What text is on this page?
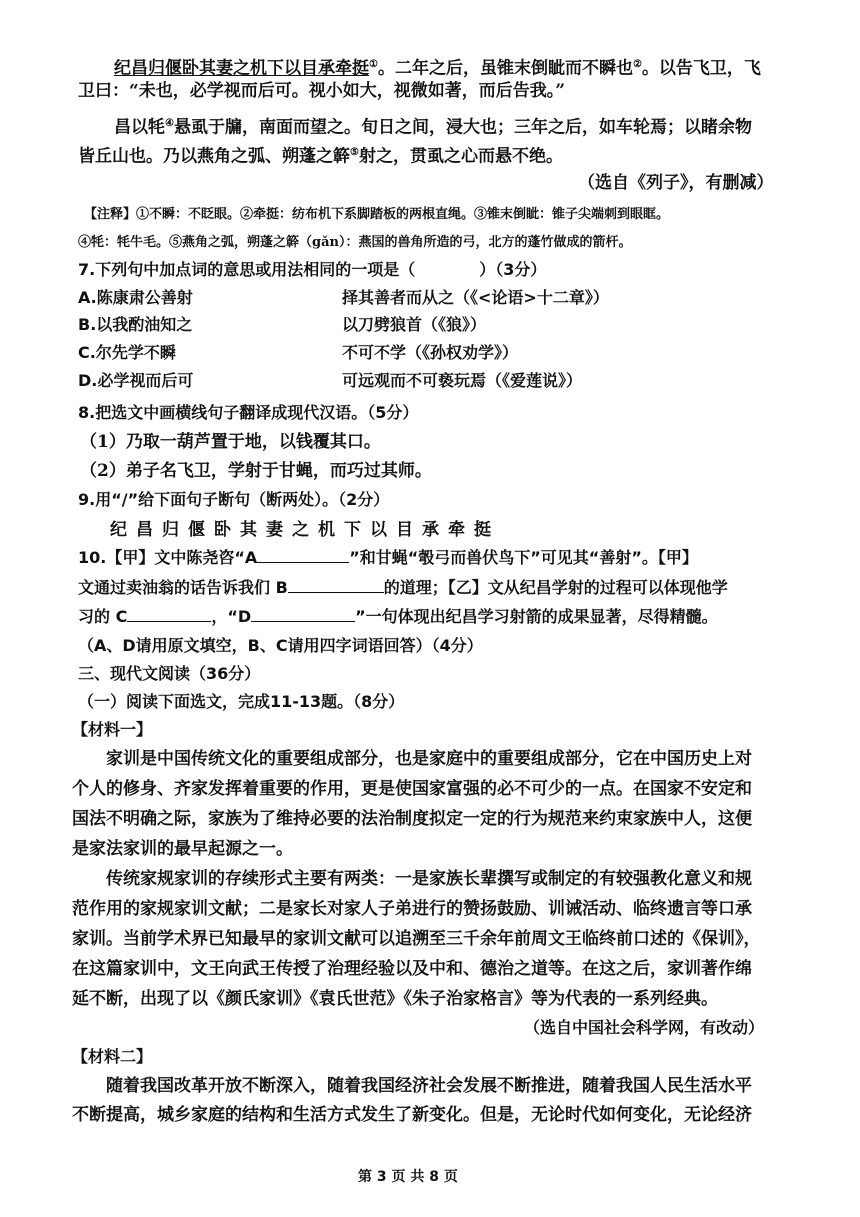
纪昌归偃卧其妻之机下以目承牵挺①。二年之后，虽锥末倒眦而不瞬也②。以告飞卫，飞
卫曰：“未也，必学视而后可。视小如大，视微如著，而后告我。”
昌以牦④悬虱于牖，南面而望之。旬日之间，浸大也；三年之后，如车轮焉；以睹余物
皆丘山也。乃以燕角之弧、朔蓬之簳⑤射之，贯虱之心而悬不绝。
（选自《列子》，有删减）
【注释】①不瞬：不眨眼。②牵挺：纺布机下系脚踏板的两根直绳。③锥末倒眦：锥子尖端刺到眼眶。
④牦：牦牛毛。⑤燕角之弧，朔蓬之簳（gǎn）：燕国的兽角所造的弓，北方的蓬竹做成的箭杆。
7.下列句中加点词的意思或用法相同的一项是（　　　　）（3分）
A.陈康肃公善射	择其善者而从之（《<论语>十二章》）
B.以我酌油知之	以刀劈狼首（《狼》）
C.尔先学不瞬	不可不学（《孙权劝学》）
D.必学视而后可	可远观而不可亵玩焉（《爱莲说》）
8.把选文中画横线句子翻译成现代汉语。（5分）
（1）乃取一葫芦置于地，以钱覆其口。
（2）弟子名飞卫，学射于甘蝇，而巧过其师。
9.用“/”给下面句子断句（断两处）。（2分）
纪昌归偃卧其妻之机下以目承牵挺
10.【甲】文中陈尧咨“A	”和甘蝇“彀弓而兽伏鸟下”可见其“善射”。【甲】
文通过卖油翁的话告诉我们 B	的道理；【乙】文从纪昌学射的过程可以体现他学
习的 C	，“D	”一句体现出纪昌学习射箭的成果显著，尽得精髓。
（A、D请用原文填空，B、C请用四字词语回答）（4分）
三、现代文阅读（36分）
（一）阅读下面选文，完成11-13题。（8分）
【材料一】
家训是中国传统文化的重要组成部分，也是家庭中的重要组成部分，它在中国历史上对
个人的修身、齐家发挥着重要的作用，更是使国家富强的必不可少的一点。在国家不安定和
国法不明确之际，家族为了维持必要的法治制度拟定一定的行为规范来约束家族中人，这便
是家法家训的最早起源之一。
传统家规家训的存续形式主要有两类：一是家族长辈撰写或制定的有较强教化意义和规
范作用的家规家训文献；二是家长对家人子弟进行的赞扬鼓励、训诫活动、临终遗言等口承
家训。当前学术界已知最早的家训文献可以追溯至三千余年前周文王临终前口述的《保训》，
在这篇家训中，文王向武王传授了治理经验以及中和、德治之道等。在这之后，家训著作绵
延不断，出现了以《颜氏家训》《袁氏世范》《朱子治家格言》等为代表的一系列经典。
（选自中国社会科学网，有改动）
【材料二】
随着我国改革开放不断深入，随着我国经济社会发展不断推进，随着我国人民生活水平
不断提高，城乡家庭的结构和生活方式发生了新变化。但是，无论时代如何变化，无论经济
第 3 页 共 8 页
